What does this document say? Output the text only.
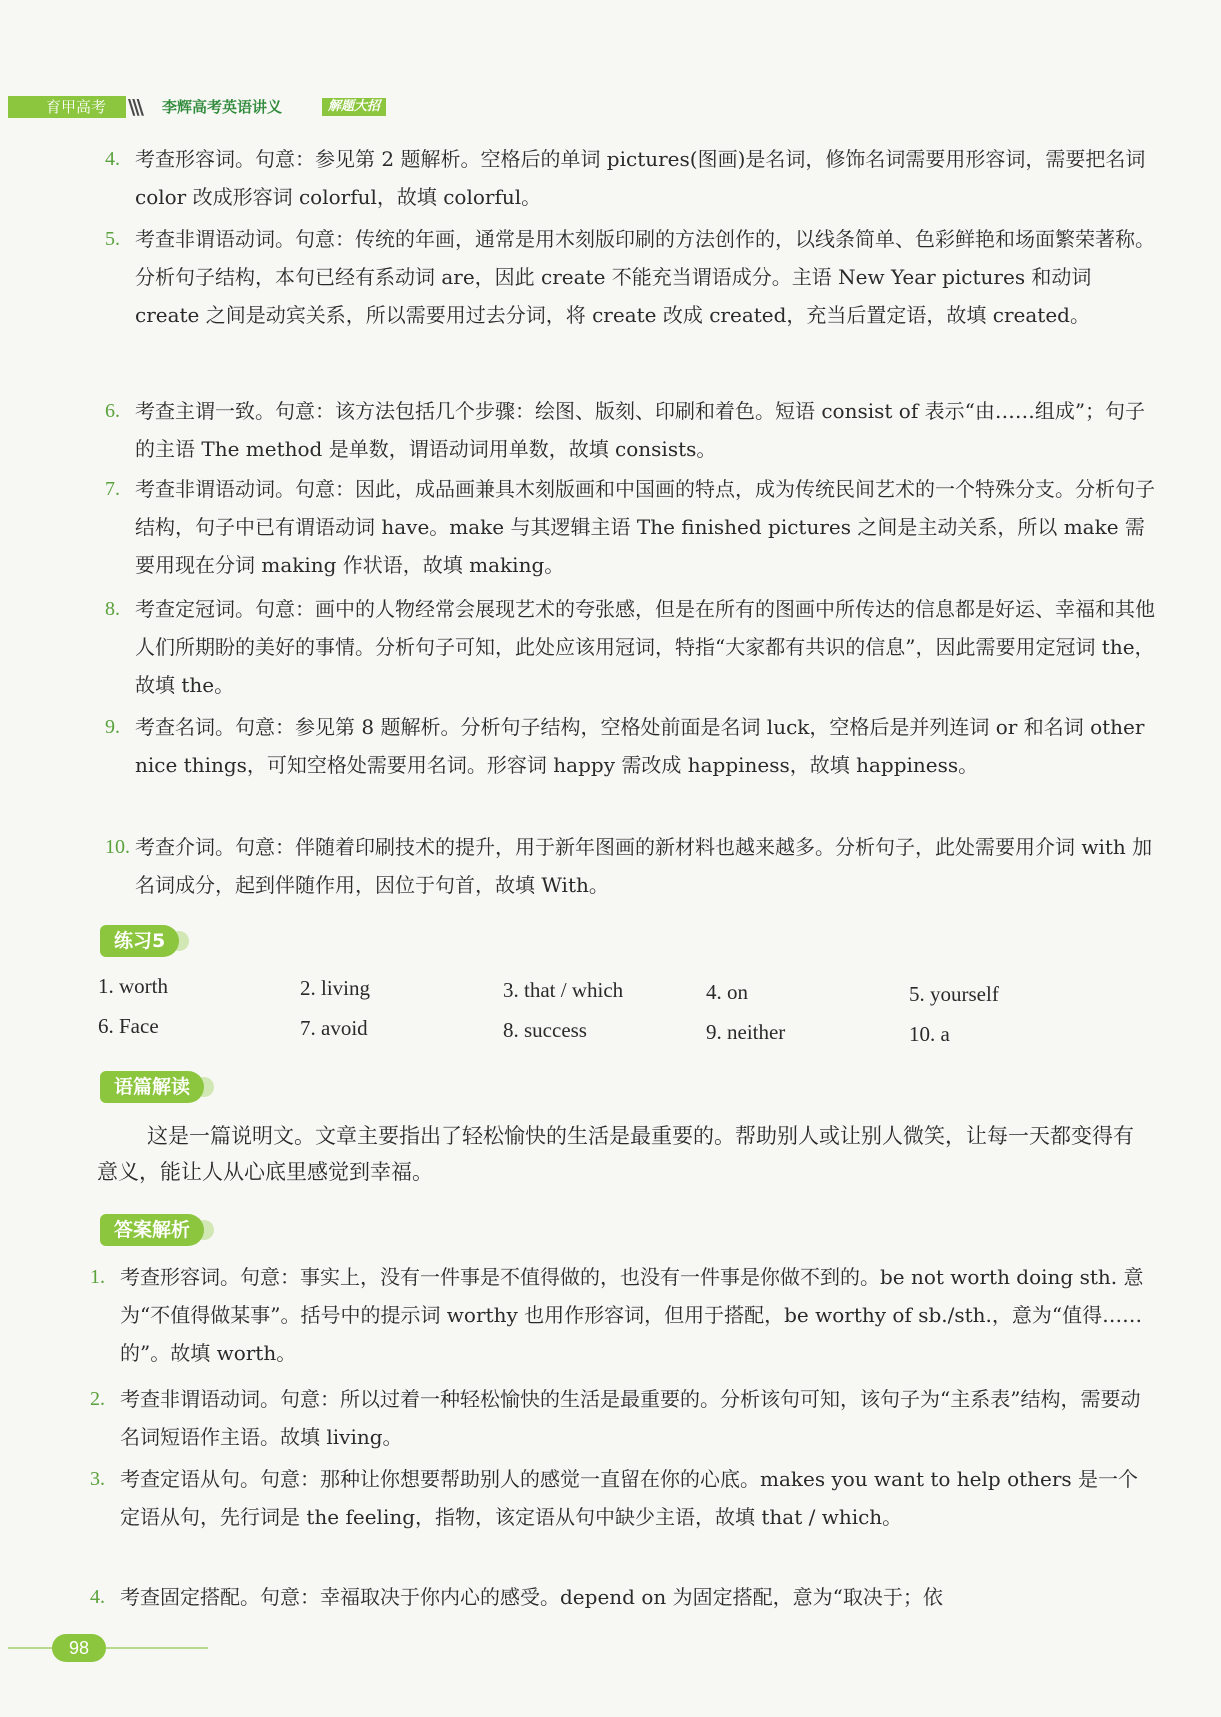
育甲高考	\\\	李辉高考英语讲义	解题大招
4. 考查形容词。句意：参见第 2 题解析。空格后的单词 pictures(图画)是名词，修饰名词需要用形容词，需要把名词 color 改成形容词 colorful，故填 colorful。
5. 考查非谓语动词。句意：传统的年画，通常是用木刻版印刷的方法创作的，以线条简单、色彩鲜艳和场面繁荣著称。分析句子结构，本句已经有系动词 are，因此 create 不能充当谓语成分。主语 New Year pictures 和动词 create 之间是动宾关系，所以需要用过去分词，将 create 改成 created，充当后置定语，故填 created。
6. 考查主谓一致。句意：该方法包括几个步骤：绘图、版刻、印刷和着色。短语 consist of 表示“由……组成”；句子的主语 The method 是单数，谓语动词用单数，故填 consists。
7. 考查非谓语动词。句意：因此，成品画兼具木刻版画和中国画的特点，成为传统民间艺术的一个特殊分支。分析句子结构，句子中已有谓语动词 have。make 与其逻辑主语 The finished pictures 之间是主动关系，所以 make 需要用现在分词 making 作状语，故填 making。
8. 考查定冠词。句意：画中的人物经常会展现艺术的夸张感，但是在所有的图画中所传达的信息都是好运、幸福和其他人们所期盼的美好的事情。分析句子可知，此处应该用冠词，特指“大家都有共识的信息”，因此需要用定冠词 the，故填 the。
9. 考查名词。句意：参见第 8 题解析。分析句子结构，空格处前面是名词 luck，空格后是并列连词 or 和名词 other nice things，可知空格处需要用名词。形容词 happy 需改成 happiness，故填 happiness。
10. 考查介词。句意：伴随着印刷技术的提升，用于新年图画的新材料也越来越多。分析句子，此处需要用介词 with 加名词成分，起到伴随作用，因位于句首，故填 With。
练习5
1. worth	2. living	3. that / which	4. on	5. yourself
6. Face	7. avoid	8. success	9. neither	10. a
语篇解读
这是一篇说明文。文章主要指出了轻松愉快的生活是最重要的。帮助别人或让别人微笑，让每一天都变得有意义，能让人从心底里感觉到幸福。
答案解析
1. 考查形容词。句意：事实上，没有一件事是不值得做的，也没有一件事是你做不到的。be not worth doing sth. 意为“不值得做某事”。括号中的提示词 worthy 也用作形容词，但用于搭配，be worthy of sb./sth.，意为“值得……的”。故填 worth。
2. 考查非谓语动词。句意：所以过着一种轻松愉快的生活是最重要的。分析该句可知，该句子为“主系表”结构，需要动名词短语作主语。故填 living。
3. 考查定语从句。句意：那种让你想要帮助别人的感觉一直留在你的心底。makes you want to help others 是一个定语从句，先行词是 the feeling，指物，该定语从句中缺少主语，故填 that / which。
4. 考查固定搭配。句意：幸福取决于你内心的感受。depend on 为固定搭配，意为“取决于；依
98
